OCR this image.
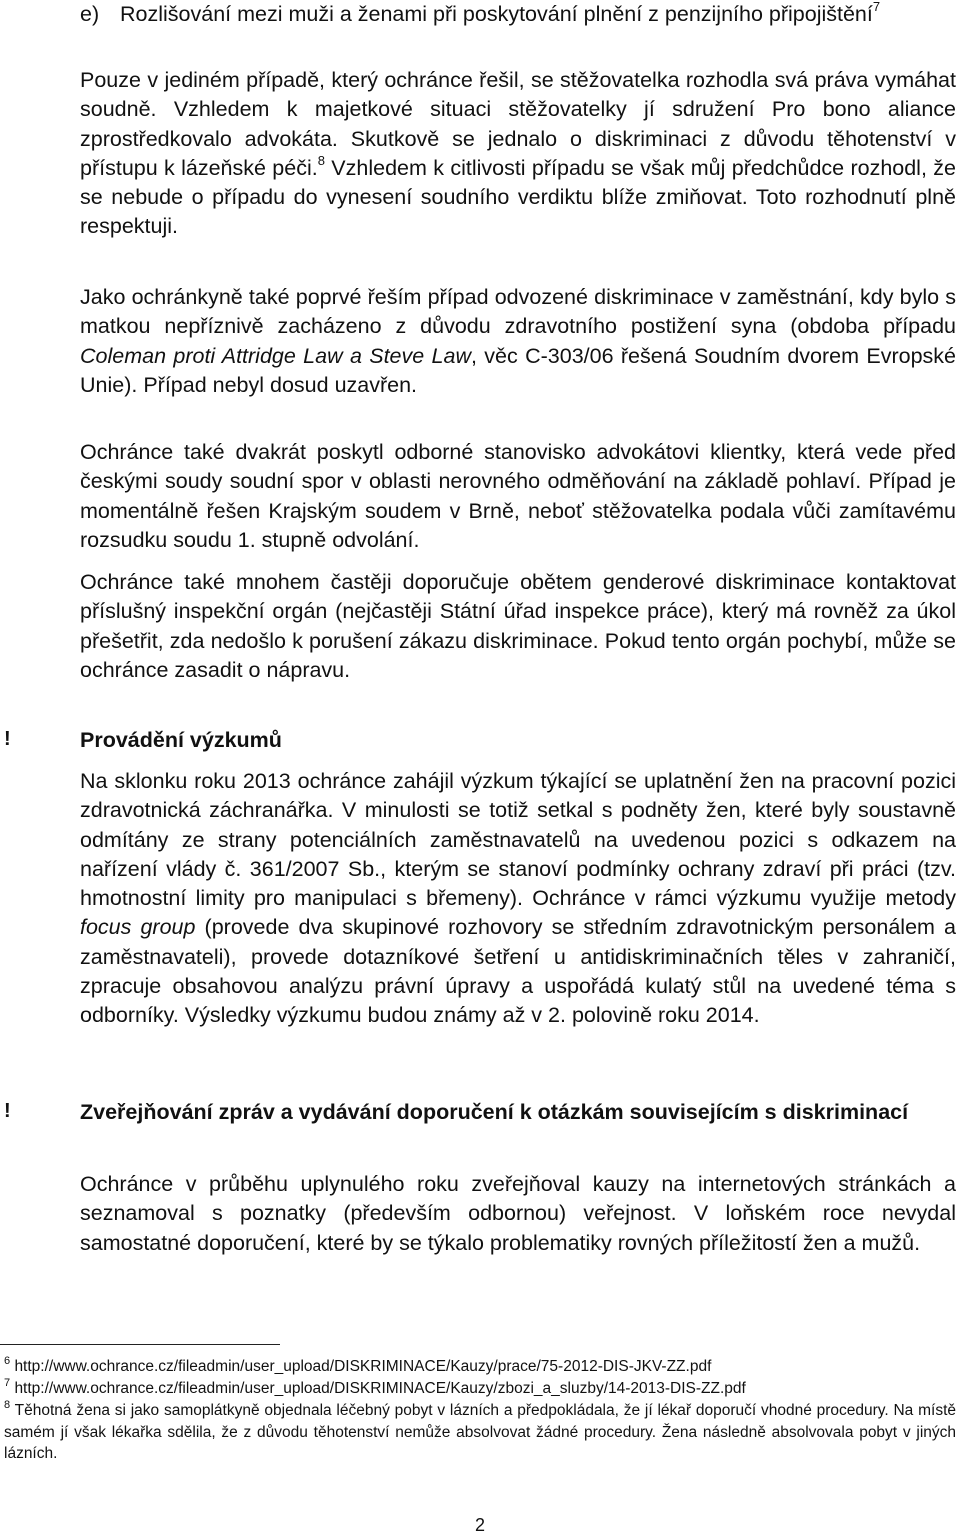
e) Rozlišování mezi muži a ženami při poskytování plnění z penzijního připojištění$^7$

Pouze v jediném případě, který ochránce řešil, se stěžovatelka rozhodla svá práva vymáhat soudně. Vzhledem k majetkové situaci stěžovatelky jí sdružení Pro bono aliance zprostředkovalo advokáta. Skutkově se jednalo o diskriminaci z důvodu těhotenství v přístupu k lázeňské péči.$^8$ Vzhledem k citlivosti případu se však můj předchůdce rozhodl, že se nebude o případu do vynesení soudního verdiktu blíže zmiňovat. Toto rozhodnutí plně respektuji.

Jako ochránkyně také poprvé řeším případ odvozené diskriminace v zaměstnání, kdy bylo s matkou nepříznivě zacházeno z důvodu zdravotního postižení syna (obdoba případu Coleman proti Attridge Law a Steve Law, věc C-303/06 řešená Soudním dvorem Evropské Unie). Případ nebyl dosud uzavřen.

Ochránce také dvakrát poskytl odborné stanovisko advokátovi klientky, která vede před českými soudy soudní spor v oblasti nerovného odměňování na základě pohlaví. Případ je momentálně řešen Krajským soudem v Brně, neboť stěžovatelka podala vůči zamítavému rozsudku soudu 1. stupně odvolání.

Ochránce také mnohem častěji doporučuje obětem genderové diskriminace kontaktovat příslušný inspekční orgán (nejčastěji Státní úřad inspekce práce), který má rovněž za úkol přešetřit, zda nedošlo k porušení zákazu diskriminace. Pokud tento orgán pochybí, může se ochránce zasadit o nápravu.

!	Provádění výzkumů

Na sklonku roku 2013 ochránce zahájil výzkum týkající se uplatnění žen na pracovní pozici zdravotnická záchranářka. V minulosti se totiž setkal s podněty žen, které byly soustavně odmítány ze strany potenciálních zaměstnavatelů na uvedenou pozici s odkazem na nařízení vlády č. 361/2007 Sb., kterým se stanoví podmínky ochrany zdraví při práci (tzv. hmotnostní limity pro manipulaci s břemeny). Ochránce v rámci výzkumu využije metody focus group (provede dva skupinové rozhovory se středním zdravotnickým personálem a zaměstnavateli), provede dotazníkové šetření u antidiskriminačních těles v zahraničí, zpracuje obsahovou analýzu právní úpravy a uspořádá kulatý stůl na uvedené téma s odborníky. Výsledky výzkumu budou známy až v 2. polovině roku 2014.

!	Zveřejňování zpráv a vydávání doporučení k otázkám souvisejícím s diskriminací

Ochránce v průběhu uplynulého roku zveřejňoval kauzy na internetových stránkách a seznamoval s poznatky (především odbornou) veřejnost. V loňském roce nevydal samostatné doporučení, které by se týkalo problematiky rovných příležitostí žen a mužů.

$^6$ http://www.ochrance.cz/fileadmin/user_upload/DISKRIMINACE/Kauzy/prace/75-2012-DIS-JKV-ZZ.pdf
$^7$ http://www.ochrance.cz/fileadmin/user_upload/DISKRIMINACE/Kauzy/zbozi_a_sluzby/14-2013-DIS-ZZ.pdf
$^8$ Těhotná žena si jako samoplátkyně objednala léčebný pobyt v lázních a předpokládala, že jí lékař doporučí vhodné procedury. Na místě samém jí však lékařka sdělila, že z důvodu těhotenství nemůže absolvovat žádné procedury. Žena následně absolvovala pobyt v jiných lázních.
2
